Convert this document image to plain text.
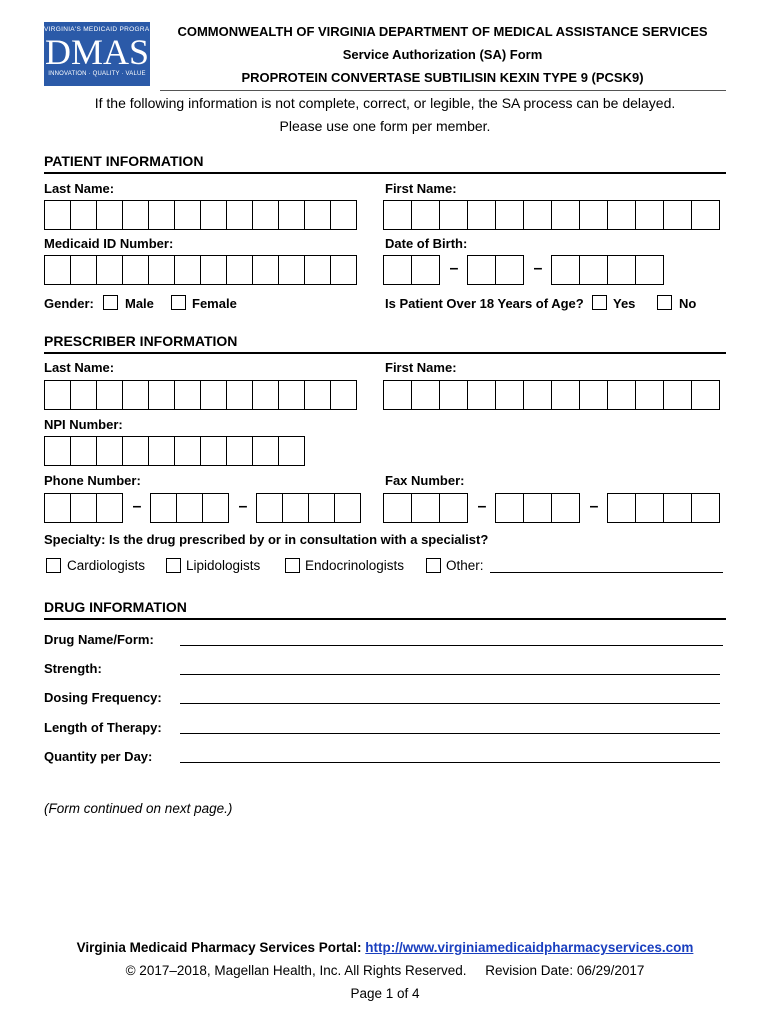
VIRGINIA'S MEDICAID PROGRAM
DMAS
INNOVATION · QUALITY · VALUE
COMMONWEALTH OF VIRGINIA DEPARTMENT OF MEDICAL ASSISTANCE SERVICES
Service Authorization (SA) Form
PROPROTEIN CONVERTASE SUBTILISIN KEXIN TYPE 9 (PCSK9)
If the following information is not complete, correct, or legible, the SA process can be delayed.
Please use one form per member.
PATIENT INFORMATION
Last Name:	First Name:
Medicaid ID Number:	Date of Birth:
–	–
Gender: Male	Female	Is Patient Over 18 Years of Age? Yes	No
PRESCRIBER INFORMATION
Last Name:	First Name:
NPI Number:
Phone Number:	Fax Number:
–	–	–	–
Specialty: Is the drug prescribed by or in consultation with a specialist?
Cardiologists	Lipidologists	Endocrinologists	Other:
DRUG INFORMATION
Drug Name/Form:
Strength:
Dosing Frequency:
Length of Therapy:
Quantity per Day:
(Form continued on next page.)
Virginia Medicaid Pharmacy Services Portal: http://www.virginiamedicaidpharmacyservices.com
© 2017–2018, Magellan Health, Inc. All Rights Reserved. Revision Date: 06/29/2017
Page 1 of 4
